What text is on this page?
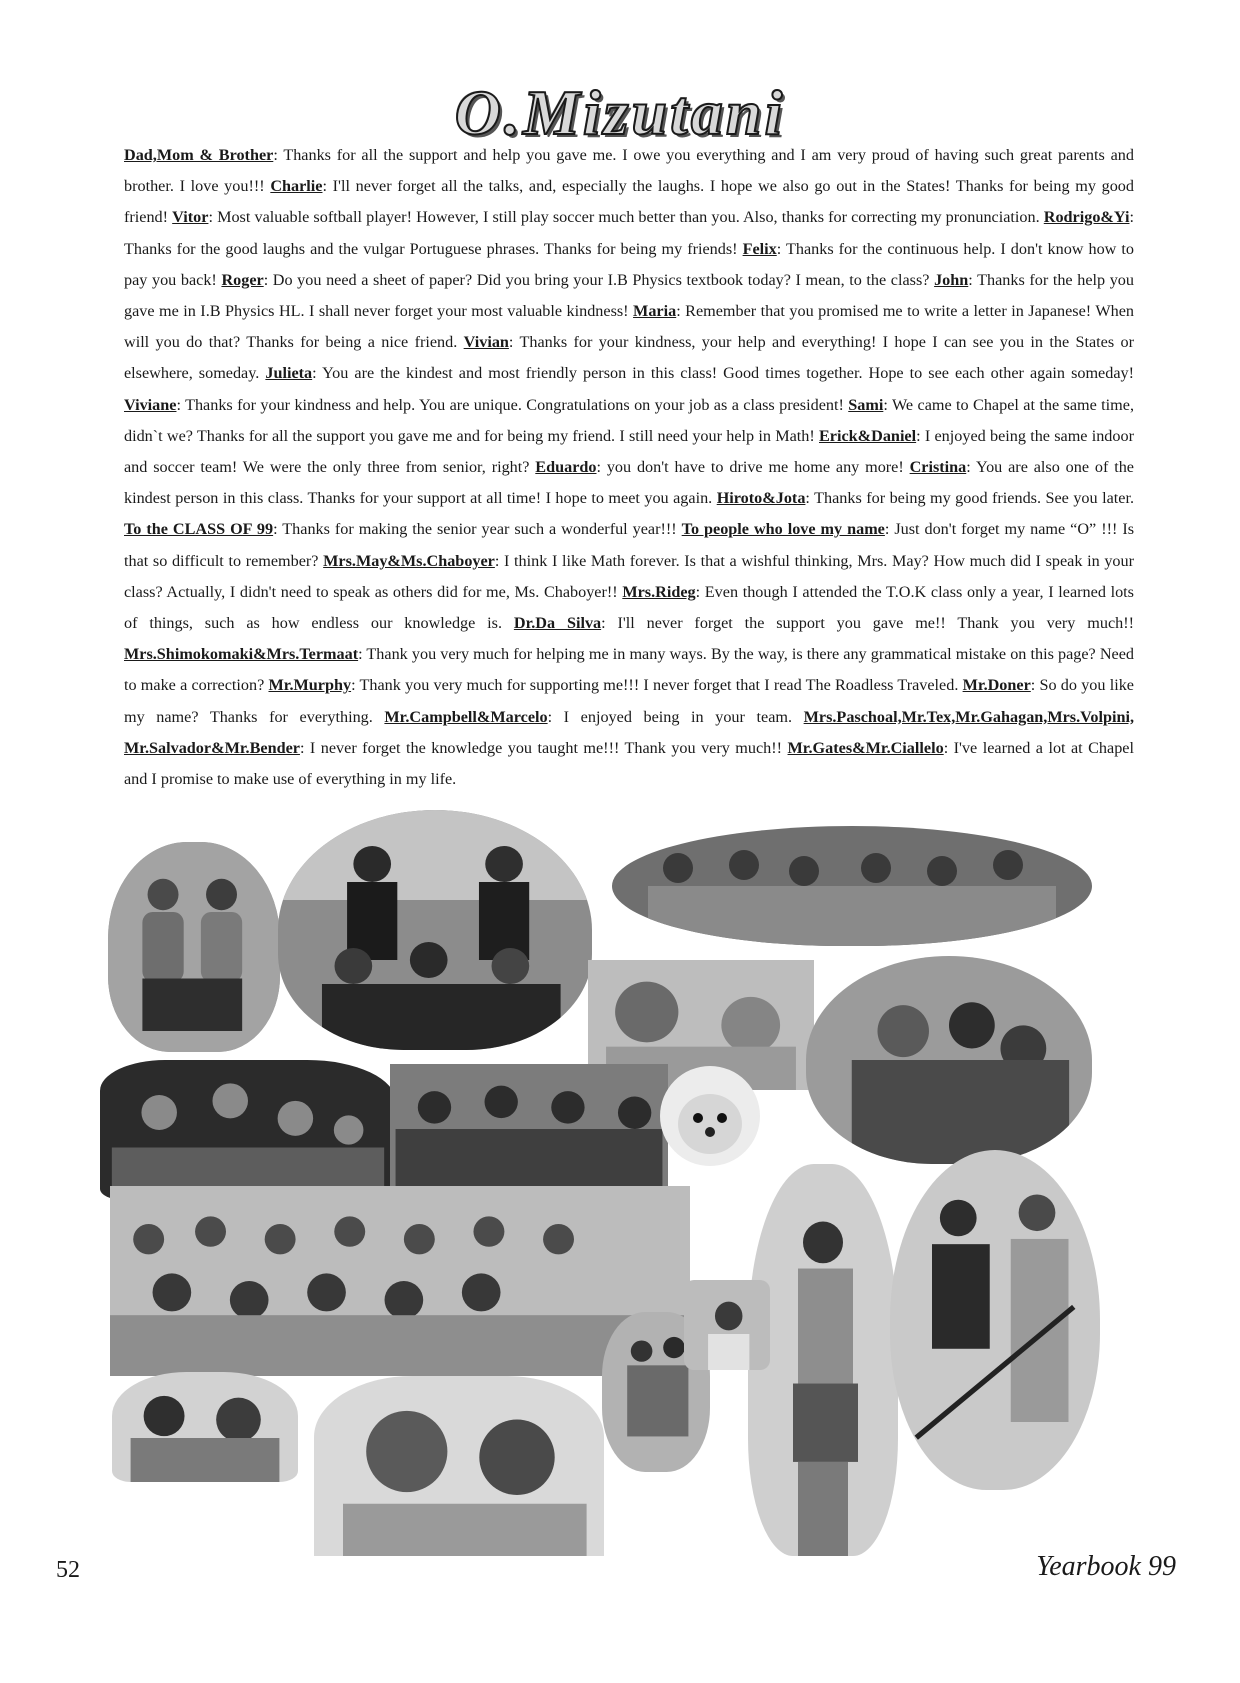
O.Mizutani

Dad,Mom & Brother: Thanks for all the support and help you gave me. I owe you everything and I am very proud of having such great parents and brother. I love you!!! Charlie: I'll never forget all the talks, and, especially the laughs. I hope we also go out in the States! Thanks for being my good friend! Vitor: Most valuable softball player! However, I still play soccer much better than you. Also, thanks for correcting my pronunciation. Rodrigo&Yi: Thanks for the good laughs and the vulgar Portuguese phrases. Thanks for being my friends! Felix: Thanks for the continuous help. I don't know how to pay you back! Roger: Do you need a sheet of paper? Did you bring your I.B Physics textbook today? I mean, to the class? John: Thanks for the help you gave me in I.B Physics HL. I shall never forget your most valuable kindness! Maria: Remember that you promised me to write a letter in Japanese! When will you do that? Thanks for being a nice friend. Vivian: Thanks for your kindness, your help and everything! I hope I can see you in the States or elsewhere, someday. Julieta: You are the kindest and most friendly person in this class! Good times together. Hope to see each other again someday! Viviane: Thanks for your kindness and help. You are unique. Congratulations on your job as a class president! Sami: We came to Chapel at the same time, didn`t we? Thanks for all the support you gave me and for being my friend. I still need your help in Math! Erick&Daniel: I enjoyed being the same indoor and soccer team! We were the only three from senior, right? Eduardo: you don't have to drive me home any more! Cristina: You are also one of the kindest person in this class. Thanks for your support at all time! I hope to meet you again. Hiroto&Jota: Thanks for being my good friends. See you later. To the CLASS OF 99: Thanks for making the senior year such a wonderful year!!! To people who love my name: Just don't forget my name “O” !!! Is that so difficult to remember? Mrs.May&Ms.Chaboyer: I think I like Math forever. Is that a wishful thinking, Mrs. May? How much did I speak in your class? Actually, I didn't need to speak as others did for me, Ms. Chaboyer!! Mrs.Rideg: Even though I attended the T.O.K class only a year, I learned lots of things, such as how endless our knowledge is. Dr.Da Silva: I'll never forget the support you gave me!! Thank you very much!! Mrs.Shimokomaki&Mrs.Termaat: Thank you very much for helping me in many ways. By the way, is there any grammatical mistake on this page? Need to make a correction? Mr.Murphy: Thank you very much for supporting me!!! I never forget that I read The Roadless Traveled. Mr.Doner: So do you like my name? Thanks for everything. Mr.Campbell&Marcelo: I enjoyed being in your team. Mrs.Paschoal,Mr.Tex,Mr.Gahagan,Mrs.Volpini, Mr.Salvador&Mr.Bender: I never forget the knowledge you taught me!!! Thank you very much!! Mr.Gates&Mr.Ciallelo: I've learned a lot at Chapel and I promise to make use of everything in my life.

52	Yearbook 99
